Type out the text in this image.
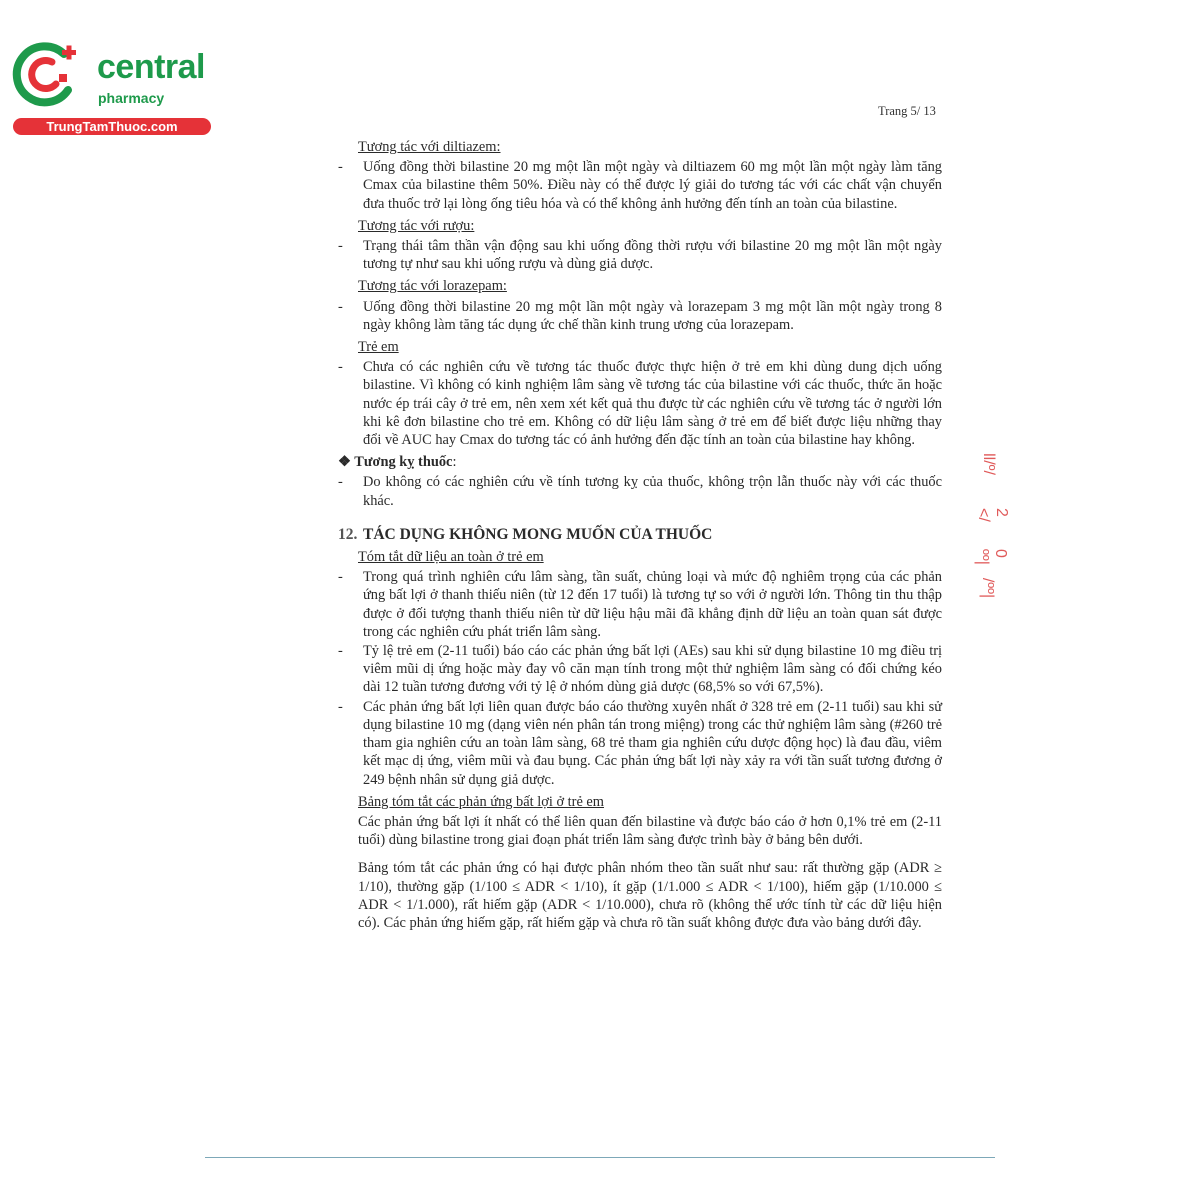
central
pharmacy
TrungTamThuoc.com
Trang 5/ 13
Tương tác với diltiazem:
- Uống đồng thời bilastine 20 mg một lần một ngày và diltiazem 60 mg một lần một ngày làm tăng Cmax của bilastine thêm 50%. Điều này có thể được lý giải do tương tác với các chất vận chuyển đưa thuốc trở lại lòng ống tiêu hóa và có thể không ảnh hưởng đến tính an toàn của bilastine.
Tương tác với rượu:
- Trạng thái tâm thần vận động sau khi uống đồng thời rượu với bilastine 20 mg một lần một ngày tương tự như sau khi uống rượu và dùng giả dược.
Tương tác với lorazepam:
- Uống đồng thời bilastine 20 mg một lần một ngày và lorazepam 3 mg một lần một ngày trong 8 ngày không làm tăng tác dụng ức chế thần kinh trung ương của lorazepam.
Trẻ em
- Chưa có các nghiên cứu về tương tác thuốc được thực hiện ở trẻ em khi dùng dung dịch uống bilastine. Vì không có kinh nghiệm lâm sàng về tương tác của bilastine với các thuốc, thức ăn hoặc nước ép trái cây ở trẻ em, nên xem xét kết quả thu được từ các nghiên cứu về tương tác ở người lớn khi kê đơn bilastine cho trẻ em. Không có dữ liệu lâm sàng ở trẻ em để biết được liệu những thay đổi về AUC hay Cmax do tương tác có ảnh hưởng đến đặc tính an toàn của bilastine hay không.
❖ Tương kỵ thuốc:
- Do không có các nghiên cứu về tính tương kỵ của thuốc, không trộn lẫn thuốc này với các thuốc khác.
12. TÁC DỤNG KHÔNG MONG MUỐN CỦA THUỐC
Tóm tắt dữ liệu an toàn ở trẻ em
- Trong quá trình nghiên cứu lâm sàng, tần suất, chủng loại và mức độ nghiêm trọng của các phản ứng bất lợi ở thanh thiếu niên (từ 12 đến 17 tuổi) là tương tự so với ở người lớn. Thông tin thu thập được ở đối tượng thanh thiếu niên từ dữ liệu hậu mãi đã khẳng định dữ liệu an toàn quan sát được trong các nghiên cứu phát triển lâm sàng.
- Tỷ lệ trẻ em (2-11 tuổi) báo cáo các phản ứng bất lợi (AEs) sau khi sử dụng bilastine 10 mg điều trị viêm mũi dị ứng hoặc mày đay vô căn mạn tính trong một thử nghiệm lâm sàng có đối chứng kéo dài 12 tuần tương đương với tỷ lệ ở nhóm dùng giả dược (68,5% so với 67,5%).
- Các phản ứng bất lợi liên quan được báo cáo thường xuyên nhất ở 328 trẻ em (2-11 tuổi) sau khi sử dụng bilastine 10 mg (dạng viên nén phân tán trong miệng) trong các thử nghiệm lâm sàng (#260 trẻ tham gia nghiên cứu an toàn lâm sàng, 68 trẻ tham gia nghiên cứu dược động học) là đau đầu, viêm kết mạc dị ứng, viêm mũi và đau bụng. Các phản ứng bất lợi này xảy ra với tần suất tương đương ở 249 bệnh nhân sử dụng giả dược.
Bảng tóm tắt các phản ứng bất lợi ở trẻ em
Các phản ứng bất lợi ít nhất có thể liên quan đến bilastine và được báo cáo ở hơn 0,1% trẻ em (2-11 tuổi) dùng bilastine trong giai đoạn phát triển lâm sàng được trình bày ở bảng bên dưới.
Bảng tóm tắt các phản ứng có hại được phân nhóm theo tần suất như sau: rất thường gặp (ADR ≥ 1/10), thường gặp (1/100 ≤ ADR < 1/10), ít gặp (1/1.000 ≤ ADR < 1/100), hiếm gặp (1/10.000 ≤ ADR < 1/1.000), rất hiếm gặp (ADR < 1/10.000), chưa rõ (không thể ước tính từ các dữ liệu hiện có). Các phản ứng hiếm gặp, rất hiếm gặp và chưa rõ tần suất không được đưa vào bảng dưới đây.
ll/º/
2 </
0 ºº|
/ºº|
